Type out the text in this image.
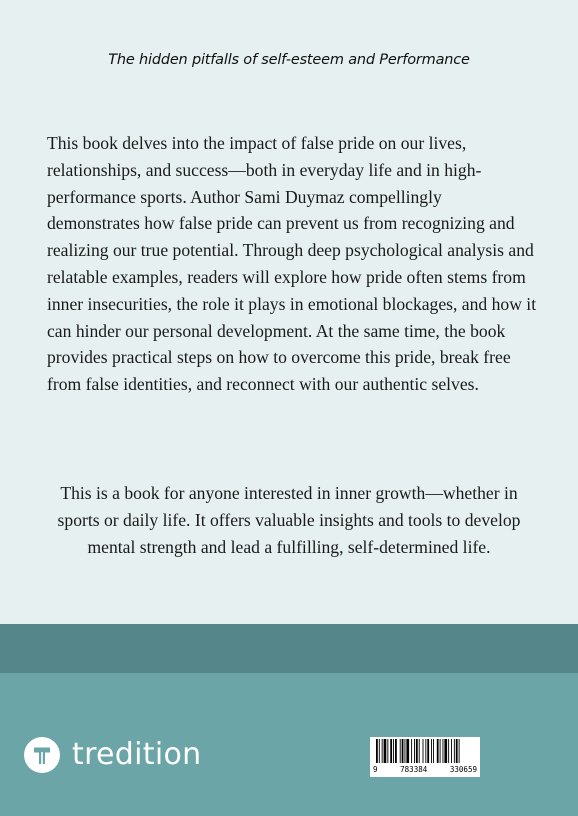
The hidden pitfalls of self-esteem and Performance

This book delves into the impact of false pride on our lives, relationships, and success—both in everyday life and in high-performance sports. Author Sami Duymaz compellingly demonstrates how false pride can prevent us from recognizing and realizing our true potential. Through deep psychological analysis and relatable examples, readers will explore how pride often stems from inner insecurities, the role it plays in emotional blockages, and how it can hinder our personal development. At the same time, the book provides practical steps on how to overcome this pride, break free from false identities, and reconnect with our authentic selves.

This is a book for anyone interested in inner growth—whether in sports or daily life. It offers valuable insights and tools to develop mental strength and lead a fulfilling, self-determined life.

tredition	9	783384	330659
